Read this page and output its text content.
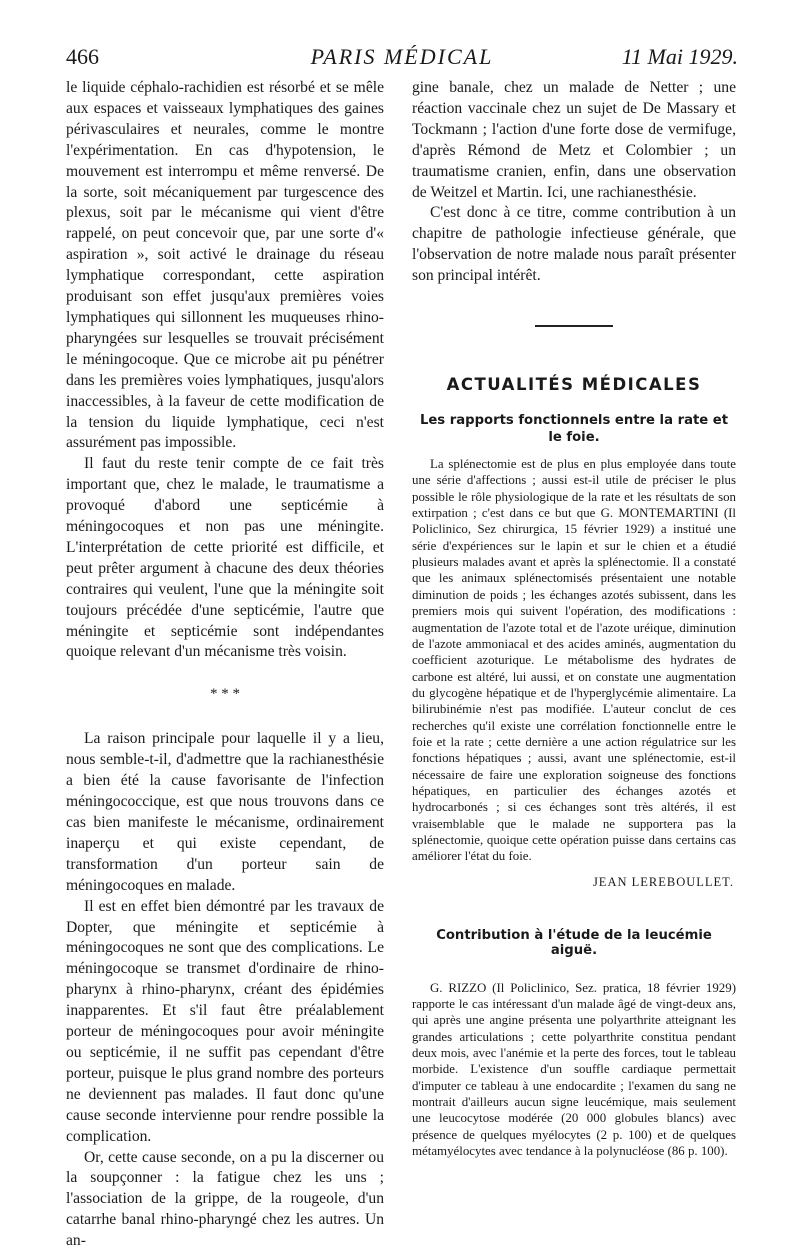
466	PARIS MÉDICAL	11 Mai 1929.

le liquide céphalo-rachidien est résorbé et se mêle aux espaces et vaisseaux lymphatiques des gaines périvasculaires et neurales, comme le montre l'expérimentation. En cas d'hypotension, le mouvement est interrompu et même renversé. De la sorte, soit mécaniquement par turgescence des plexus, soit par le mécanisme qui vient d'être rappelé, on peut concevoir que, par une sorte d'« aspiration », soit activé le drainage du réseau lymphatique correspondant, cette aspiration produisant son effet jusqu'aux premières voies lymphatiques qui sillonnent les muqueuses rhino-pharyngées sur lesquelles se trouvait précisément le méningocoque. Que ce microbe ait pu pénétrer dans les premières voies lymphatiques, jusqu'alors inaccessibles, à la faveur de cette modification de la tension du liquide lymphatique, ceci n'est assurément pas impossible.

Il faut du reste tenir compte de ce fait très important que, chez le malade, le traumatisme a provoqué d'abord une septicémie à méningocoques et non pas une méningite. L'interprétation de cette priorité est difficile, et peut prêter argument à chacune des deux théories contraires qui veulent, l'une que la méningite soit toujours précédée d'une septicémie, l'autre que méningite et septicémie sont indépendantes quoique relevant d'un mécanisme très voisin.

* * *

La raison principale pour laquelle il y a lieu, nous semble-t-il, d'admettre que la rachianesthésie a bien été la cause favorisante de l'infection méningococcique, est que nous trouvons dans ce cas bien manifeste le mécanisme, ordinairement inaperçu et qui existe cependant, de transformation d'un porteur sain de méningocoques en malade.

Il est en effet bien démontré par les travaux de Dopter, que méningite et septicémie à méningocoques ne sont que des complications. Le méningocoque se transmet d'ordinaire de rhino-pharynx à rhino-pharynx, créant des épidémies inapparentes. Et s'il faut être préalablement porteur de méningocoques pour avoir méningite ou septicémie, il ne suffit pas cependant d'être porteur, puisque le plus grand nombre des porteurs ne deviennent pas malades. Il faut donc qu'une cause seconde intervienne pour rendre possible la complication.

Or, cette cause seconde, on a pu la discerner ou la soupçonner : la fatigue chez les uns ; l'association de la grippe, de la rougeole, d'un catarrhe banal rhino-pharyngé chez les autres. Un an-

gine banale, chez un malade de Netter ; une réaction vaccinale chez un sujet de De Massary et Tockmann ; l'action d'une forte dose de vermifuge, d'après Rémond de Metz et Colombier ; un traumatisme cranien, enfin, dans une observation de Weitzel et Martin. Ici, une rachianesthésie.

C'est donc à ce titre, comme contribution à un chapitre de pathologie infectieuse générale, que l'observation de notre malade nous paraît présenter son principal intérêt.

ACTUALITÉS MÉDICALES
Les rapports fonctionnels entre la rate et le foie.

La splénectomie est de plus en plus employée dans toute une série d'affections ; aussi est-il utile de préciser le plus possible le rôle physiologique de la rate et les résultats de son extirpation ; c'est dans ce but que G. MONTEMARTINI (Il Policlinico, Sez chirurgica, 15 février 1929) a institué une série d'expériences sur le lapin et sur le chien et a étudié plusieurs malades avant et après la splénectomie. Il a constaté que les animaux splénectomisés présentaient une notable diminution de poids ; les échanges azotés subissent, dans les premiers mois qui suivent l'opération, des modifications : augmentation de l'azote total et de l'azote uréique, diminution de l'azote ammoniacal et des acides aminés, augmentation du coefficient azoturique. Le métabolisme des hydrates de carbone est altéré, lui aussi, et on constate une augmentation du glycogène hépatique et de l'hyperglycémie alimentaire. La bilirubinémie n'est pas modifiée. L'auteur conclut de ces recherches qu'il existe une corrélation fonctionnelle entre le foie et la rate ; cette dernière a une action régulatrice sur les fonctions hépatiques ; aussi, avant une splénectomie, est-il nécessaire de faire une exploration soigneuse des fonctions hépatiques, en particulier des échanges azotés et hydrocarbonés ; si ces échanges sont très altérés, il est vraisemblable que le malade ne supportera pas la splénectomie, quoique cette opération puisse dans certains cas améliorer l'état du foie.

JEAN LEREBOULLET.
Contribution à l'étude de la leucémie aiguë.

G. RIZZO (Il Policlinico, Sez. pratica, 18 février 1929) rapporte le cas intéressant d'un malade âgé de vingt-deux ans, qui après une angine présenta une polyarthrite atteignant les grandes articulations ; cette polyarthrite constitua pendant deux mois, avec l'anémie et la perte des forces, tout le tableau morbide. L'existence d'un souffle cardiaque permettait d'imputer ce tableau à une endocardite ; l'examen du sang ne montrait d'ailleurs aucun signe leucémique, mais seulement une leucocytose modérée (20 000 globules blancs) avec présence de quelques myélocytes (2 p. 100) et de quelques métamyélocytes avec tendance à la polynucléose (86 p. 100).
